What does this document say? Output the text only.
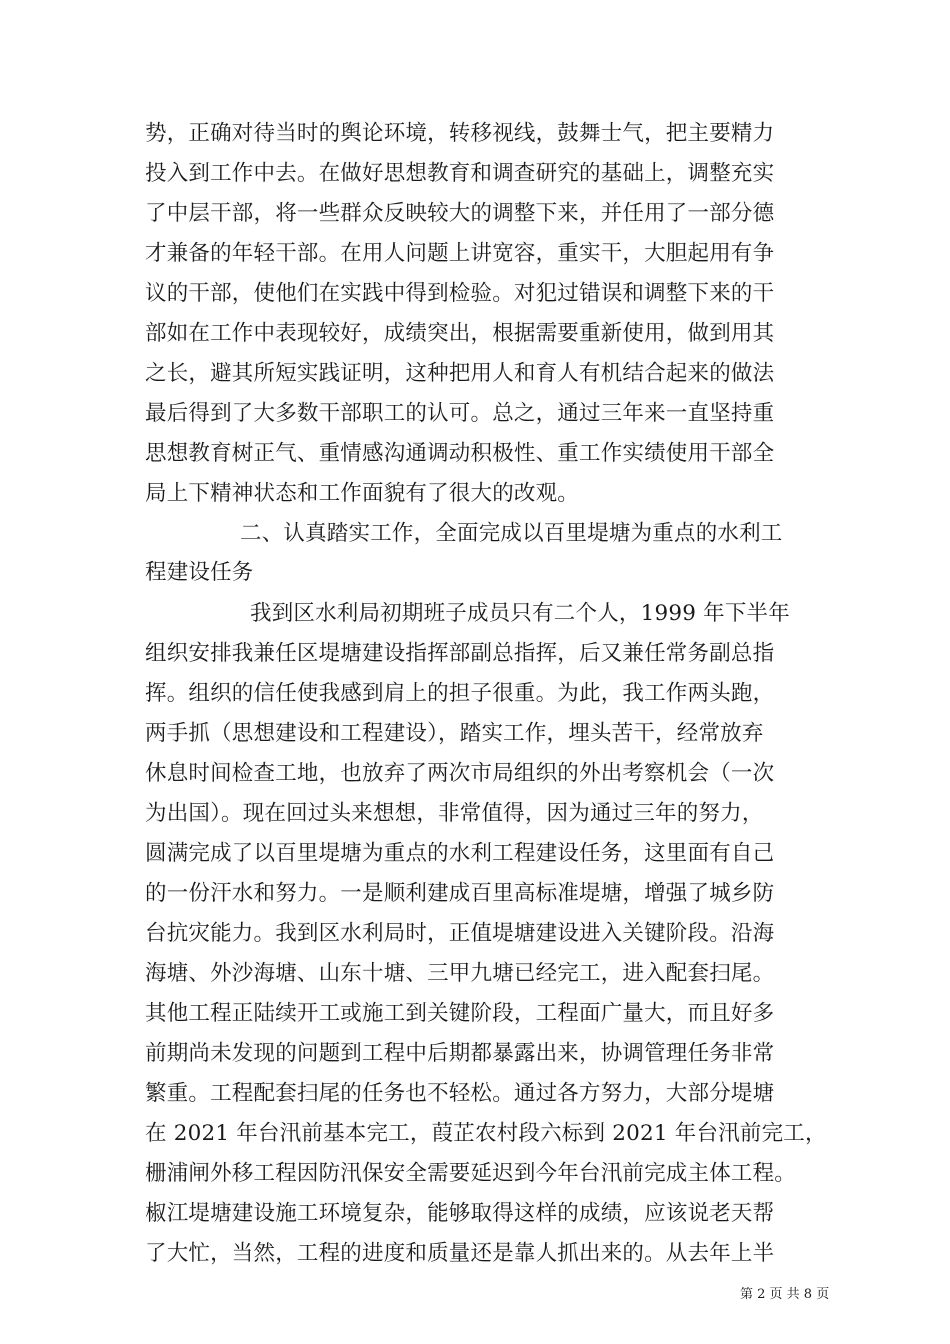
势，正确对待当时的舆论环境，转移视线，鼓舞士气，把主要精力
投入到工作中去。在做好思想教育和调查研究的基础上，调整充实
了中层干部，将一些群众反映较大的调整下来，并任用了一部分德
才兼备的年轻干部。在用人问题上讲宽容，重实干，大胆起用有争
议的干部，使他们在实践中得到检验。对犯过错误和调整下来的干
部如在工作中表现较好，成绩突出，根据需要重新使用，做到用其
之长，避其所短实践证明，这种把用人和育人有机结合起来的做法
最后得到了大多数干部职工的认可。总之，通过三年来一直坚持重
思想教育树正气、重情感沟通调动积极性、重工作实绩使用干部全
局上下精神状态和工作面貌有了很大的改观。
二、认真踏实工作，全面完成以百里堤塘为重点的水利工
程建设任务
我到区水利局初期班子成员只有二个人，1999 年下半年
组织安排我兼任区堤塘建设指挥部副总指挥，后又兼任常务副总指
挥。组织的信任使我感到肩上的担子很重。为此，我工作两头跑，
两手抓（思想建设和工程建设），踏实工作，埋头苦干，经常放弃
休息时间检查工地，也放弃了两次市局组织的外出考察机会（一次
为出国）。现在回过头来想想，非常值得，因为通过三年的努力，
圆满完成了以百里堤塘为重点的水利工程建设任务，这里面有自己
的一份汗水和努力。一是顺利建成百里高标准堤塘，增强了城乡防
台抗灾能力。我到区水利局时，正值堤塘建设进入关键阶段。沿海
海塘、外沙海塘、山东十塘、三甲九塘已经完工，进入配套扫尾。
其他工程正陆续开工或施工到关键阶段，工程面广量大，而且好多
前期尚未发现的问题到工程中后期都暴露出来，协调管理任务非常
繁重。工程配套扫尾的任务也不轻松。通过各方努力，大部分堤塘
在 2021 年台汛前基本完工，葭芷农村段六标到 2021 年台汛前完工，
栅浦闸外移工程因防汛保安全需要延迟到今年台汛前完成主体工程。
椒江堤塘建设施工环境复杂，能够取得这样的成绩，应该说老天帮
了大忙，当然，工程的进度和质量还是靠人抓出来的。从去年上半
第 2 页 共 8 页
